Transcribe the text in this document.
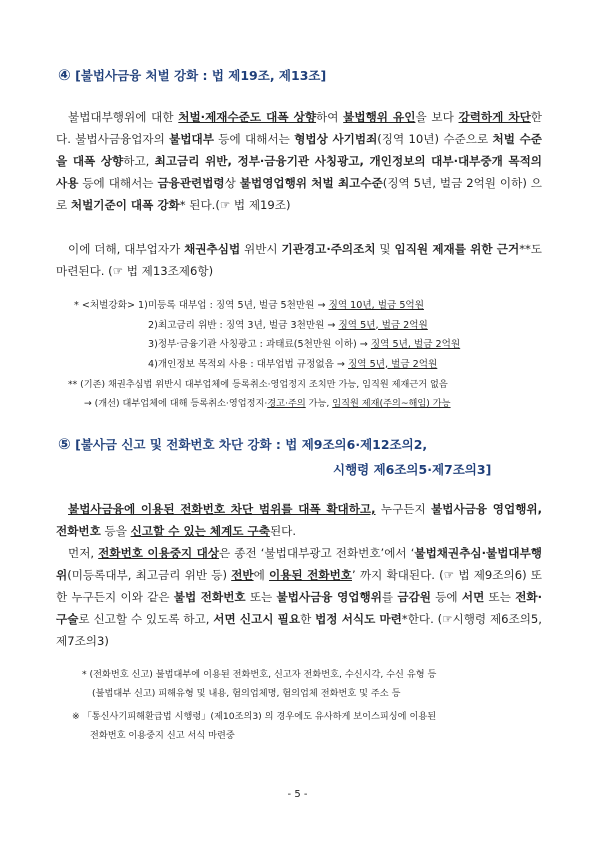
④ [불법사금융 처벌 강화 : 법 제19조, 제13조]

불법대부행위에 대한 처벌·제재수준도 대폭 상향하여 불법행위 유인을 보다 강력하게 차단한다. 불법사금융업자의 불법대부 등에 대해서는 형법상 사기범죄(징역 10년) 수준으로 처벌 수준을 대폭 상향하고, 최고금리 위반, 정부·금융기관 사칭광고, 개인정보의 대부·대부중개 목적의 사용 등에 대해서는 금융관련법령상 불법영업행위 처벌 최고수준(징역 5년, 벌금 2억원 이하) 으로 처벌기준이 대폭 강화* 된다.(☞ 법 제19조)

이에 더해, 대부업자가 채권추심법 위반시 기관경고·주의조치 및 임직원 제재를 위한 근거**도 마련된다. (☞ 법 제13조제6항)

* <처벌강화> 1)미등록 대부업 : 징역 5년, 벌금 5천만원 → 징역 10년, 벌금 5억원
2)최고금리 위반 : 징역 3년, 벌금 3천만원 → 징역 5년, 벌금 2억원
3)정부·금융기관 사칭광고 : 과태료(5천만원 이하) → 징역 5년, 벌금 2억원
4)개인정보 목적외 사용 : 대부업법 규정없음 → 징역 5년, 벌금 2억원
** (기존) 채권추심법 위반시 대부업체에 등록취소·영업정지 조치만 가능, 임직원 제재근거 없음
→ (개선) 대부업체에 대해 등록취소·영업정지·경고·주의 가능, 임직원 제재(주의~해임) 가능
⑤ [불사금 신고 및 전화번호 차단 강화 : 법 제9조의6·제12조의2,
시행령 제6조의5·제7조의3]

불법사금융에 이용된 전화번호 차단 범위를 대폭 확대하고, 누구든지 불법사금융 영업행위, 전화번호 등을 신고할 수 있는 체계도 구축된다.

먼저, 전화번호 이용중지 대상은 종전 ‘불법대부광고 전화번호’에서 ‘불법채권추심·불법대부행위(미등록대부, 최고금리 위반 등) 전반에 이용된 전화번호’ 까지 확대된다. (☞ 법 제9조의6) 또한 누구든지 이와 같은 불법 전화번호 또는 불법사금융 영업행위를 금감원 등에 서면 또는 전화·구술로 신고할 수 있도록 하고, 서면 신고시 필요한 법정 서식도 마련*한다. (☞시행령 제6조의5, 제7조의3)

* (전화번호 신고) 불법대부에 이용된 전화번호, 신고자 전화번호, 수신시각, 수신 유형 등
(불법대부 신고) 피해유형 및 내용, 혐의업체명, 혐의업체 전화번호 및 주소 등
※ 「통신사기피해환급법 시행령」(제10조의3) 의 경우에도 유사하게 보이스피싱에 이용된
전화번호 이용중지 신고 서식 마련중
- 5 -
